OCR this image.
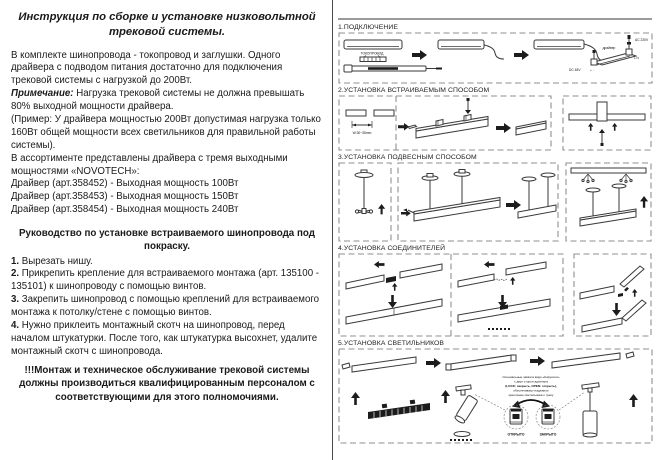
Инструкция по сборке и установке низковольтной трековой системы.

В комплекте шинопровода - токопровод и заглушки. Одного драйвера с подводом питания достаточно для подключения трековой системы с нагрузкой до 200Вт.

Примечание: Нагрузка трековой системы не должна превышать 80% выходной мощности драйвера.

(Пример: У драйвера мощностью 200Вт допустимая нагрузка только 160Вт общей мощности всех светильников для правильной работы системы).

В ассортименте представлены драйвера с тремя выходными мощностями «NOVOTECH»:

Драйвер (арт.358452) - Выходная мощность 100Вт
Драйвер (арт.358453) - Выходная мощность 150Вт
Драйвер (арт.358454) - Выходная мощность 240Вт
Руководство по установке встраиваемого шинопровода под покраску.

1. Вырезать нишу.

2. Прикрепить крепление для встраиваемого монтажа (арт. 135100 - 135101) к шинопроводу с помощью винтов.

3. Закрепить шинопровод с помощью креплений для встраиваемого монтажа к потолку/стене с помощью винтов.

4. Нужно приклеить монтажный скотч на шинопровод, перед началом штукатурки. После того, как штукатурка высохнет, удалите монтажный скотч с шинопровода.

!!!Монтаж и техническое обслуживание трековой системы должны производиться квалифицированным персоналом с соответствующими для этого полномочиями.
1.ПОДКЛЮЧЕНИЕ
ТОКОПРОВОД
драйвер
AC 220V
DC 48V
L N
+ -
2.УСТАНОВКА ВСТРАИВАЕМЫМ СПОСОБОМ
W:30~35mm
3.УСТАНОВКА ПОДВЕСНЫМ СПОСОБОМ
4.УСТАНОВКА СОЕДИНИТЕЛЕЙ
5.УСТАНОВКА СВЕТИЛЬНИКОВ
Специальные замки в виде «Карусели»
с двух сторон адаптера
(LOCK: закрыть, OPEN: открыть),
обеспечивают надежное
крепление светильника к треку
ОТКРЫТО	ЗАКРЫТО
